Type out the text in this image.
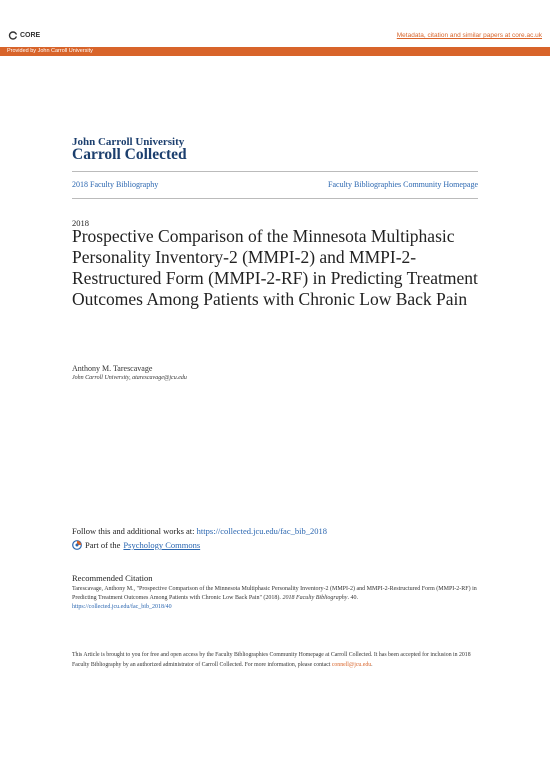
CORE	Metadata, citation and similar papers at core.ac.uk
Provided by John Carroll University
John Carroll University
Carroll Collected
2018 Faculty Bibliography	Faculty Bibliographies Community Homepage
2018
Prospective Comparison of the Minnesota Multiphasic Personality Inventory-2 (MMPI-2) and MMPI-2-Restructured Form (MMPI-2-RF) in Predicting Treatment Outcomes Among Patients with Chronic Low Back Pain
Anthony M. Tarescavage
John Carroll University, atarescavage@jcu.edu
Follow this and additional works at: https://collected.jcu.edu/fac_bib_2018
Part of the Psychology Commons
Recommended Citation
Tarescavage, Anthony M., "Prospective Comparison of the Minnesota Multiphasic Personality Inventory-2 (MMPI-2) and MMPI-2-Restructured Form (MMPI-2-RF) in Predicting Treatment Outcomes Among Patients with Chronic Low Back Pain" (2018). 2018 Faculty Bibliography. 40.
https://collected.jcu.edu/fac_bib_2018/40
This Article is brought to you for free and open access by the Faculty Bibliographies Community Homepage at Carroll Collected. It has been accepted for inclusion in 2018 Faculty Bibliography by an authorized administrator of Carroll Collected. For more information, please contact connell@jcu.edu.
